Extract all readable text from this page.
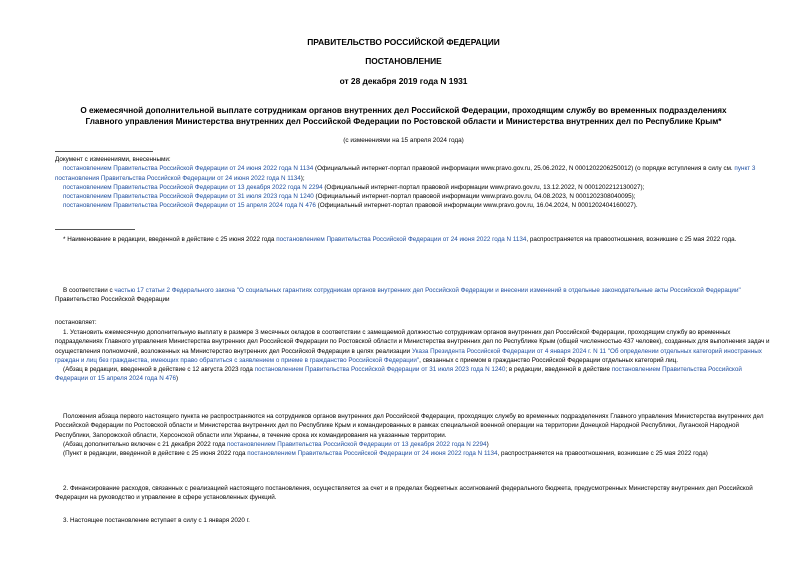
ПРАВИТЕЛЬСТВО РОССИЙСКОЙ ФЕДЕРАЦИИ
ПОСТАНОВЛЕНИЕ
от 28 декабря 2019 года N 1931
О ежемесячной дополнительной выплате сотрудникам органов внутренних дел Российской Федерации, проходящим службу во временных подразделениях
Главного управления Министерства внутренних дел Российской Федерации по Ростовской области и Министерства внутренних дел по Республике Крым*
(с изменениями на 15 апреля 2024 года)

Документ с изменениями, внесенными:

постановлением Правительства Российской Федерации от 24 июня 2022 года N 1134 (Официальный интернет-портал правовой информации www.pravo.gov.ru, 25.06.2022, N 0001202206250012) (о порядке вступления в силу см. пункт 3 постановления Правительства Российской Федерации от 24 июня 2022 года N 1134);

постановлением Правительства Российской Федерации от 13 декабря 2022 года N 2294 (Официальный интернет-портал правовой информации www.pravo.gov.ru, 13.12.2022, N 0001202212130027);

постановлением Правительства Российской Федерации от 31 июля 2023 года N 1240 (Официальный интернет-портал правовой информации www.pravo.gov.ru, 04.08.2023, N 0001202308040095);

постановлением Правительства Российской Федерации от 15 апреля 2024 года N 476 (Официальный интернет-портал правовой информации www.pravo.gov.ru, 16.04.2024, N 0001202404160027).

* Наименование в редакции, введенной в действие с 25 июня 2022 года постановлением Правительства Российской Федерации от 24 июня 2022 года N 1134, распространяется на правоотношения, возникшие с 25 мая 2022 года.

В соответствии с частью 17 статьи 2 Федерального закона "О социальных гарантиях сотрудникам органов внутренних дел Российской Федерации и внесении изменений в отдельные законодательные акты Российской Федерации" Правительство Российской Федерации

постановляет:

1. Установить ежемесячную дополнительную выплату в размере 3 месячных окладов в соответствии с замещаемой должностью сотрудникам органов внутренних дел Российской Федерации, проходящим службу во временных подразделениях Главного управления Министерства внутренних дел Российской Федерации по Ростовской области и Министерства внутренних дел по Республике Крым (общей численностью 437 человек), созданных для выполнения задач и осуществления полномочий, возложенных на Министерство внутренних дел Российской Федерации в целях реализации Указа Президента Российской Федерации от 4 января 2024 г. N 11 "Об определении отдельных категорий иностранных граждан и лиц без гражданства, имеющих право обратиться с заявлением о приеме в гражданство Российской Федерации", связанных с приемом в гражданство Российской Федерации отдельных категорий лиц.

(Абзац в редакции, введенной в действие с 12 августа 2023 года постановлением Правительства Российской Федерации от 31 июля 2023 года N 1240; в редакции, введенной в действие постановлением Правительства Российской Федерации от 15 апреля 2024 года N 476)

Положения абзаца первого настоящего пункта не распространяются на сотрудников органов внутренних дел Российской Федерации, проходящих службу во временных подразделениях Главного управления Министерства внутренних дел Российской Федерации по Ростовской области и Министерства внутренних дел по Республике Крым и командированных в рамках специальной военной операции на территории Донецкой Народной Республики, Луганской Народной Республики, Запорожской области, Херсонской области или Украины, в течение срока их командирования на указанные территории.

(Абзац дополнительно включен с 21 декабря 2022 года постановлением Правительства Российской Федерации от 13 декабря 2022 года N 2294)

(Пункт в редакции, введенной в действие с 25 июня 2022 года постановлением Правительства Российской Федерации от 24 июня 2022 года N 1134, распространяется на правоотношения, возникшие с 25 мая 2022 года)

2. Финансирование расходов, связанных с реализацией настоящего постановления, осуществляется за счет и в пределах бюджетных ассигнований федерального бюджета, предусмотренных Министерству внутренних дел Российской Федерации на руководство и управление в сфере установленных функций.

3. Настоящее постановление вступает в силу с 1 января 2020 г.
